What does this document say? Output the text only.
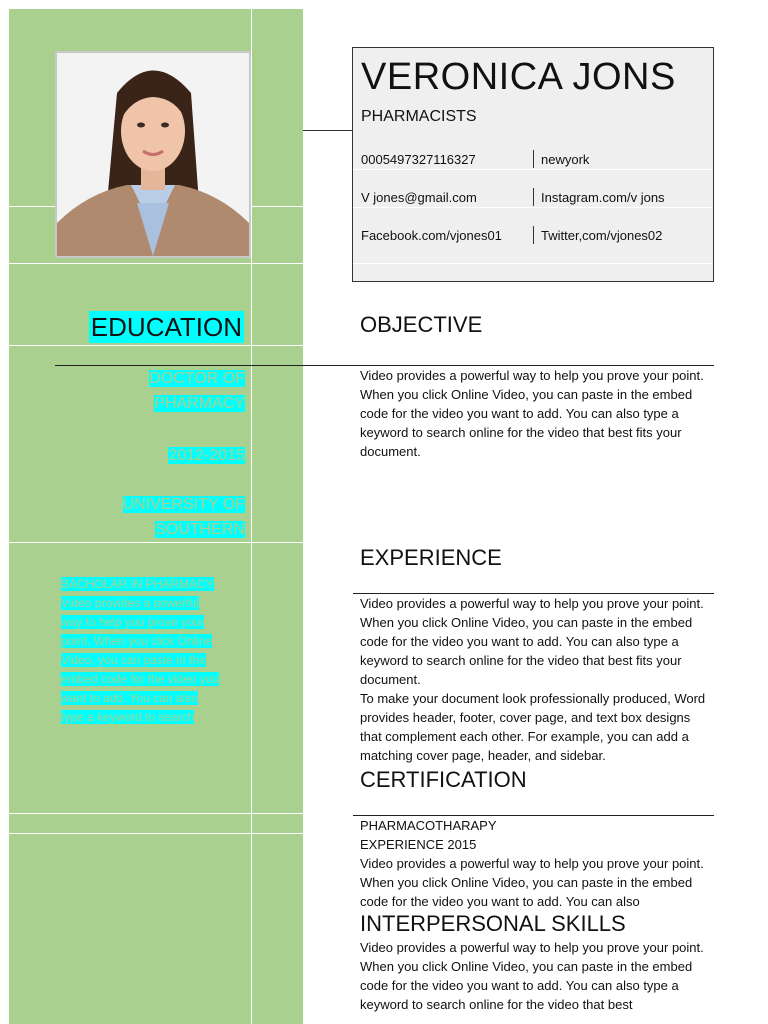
VERONICA JONS
PHARMACISTS
0005497327116327	newyork
V jones@gmail.com	Instagram.com/v jons
Facebook.com/vjones01	Twitter,com/vjones02
EDUCATION
DOCTOR OF
PHARMACY
2012-2015
UNIVERSITY OF
SOUTHERN
BACHOLAR IN PHARMACY
Video provides a powerful
way to help you prove your
point. When you click Online
Video, you can paste in the
embed code for the video you
want to add. You can also
type a keyword to search
OBJECTIVE
Video provides a powerful way to help you prove your point. When you click Online Video, you can paste in the embed code for the video you want to add. You can also type a keyword to search online for the video that best fits your document.
EXPERIENCE
Video provides a powerful way to help you prove your point. When you click Online Video, you can paste in the embed code for the video you want to add. You can also type a keyword to search online for the video that best fits your document.
To make your document look professionally produced, Word provides header, footer, cover page, and text box designs that complement each other. For example, you can add a matching cover page, header, and sidebar.
CERTIFICATION
PHARMACOTHARAPY
EXPERIENCE 2015
Video provides a powerful way to help you prove your point. When you click Online Video, you can paste in the embed code for the video you want to add. You can also
INTERPERSONAL SKILLS
Video provides a powerful way to help you prove your point. When you click Online Video, you can paste in the embed code for the video you want to add. You can also type a keyword to search online for the video that best
